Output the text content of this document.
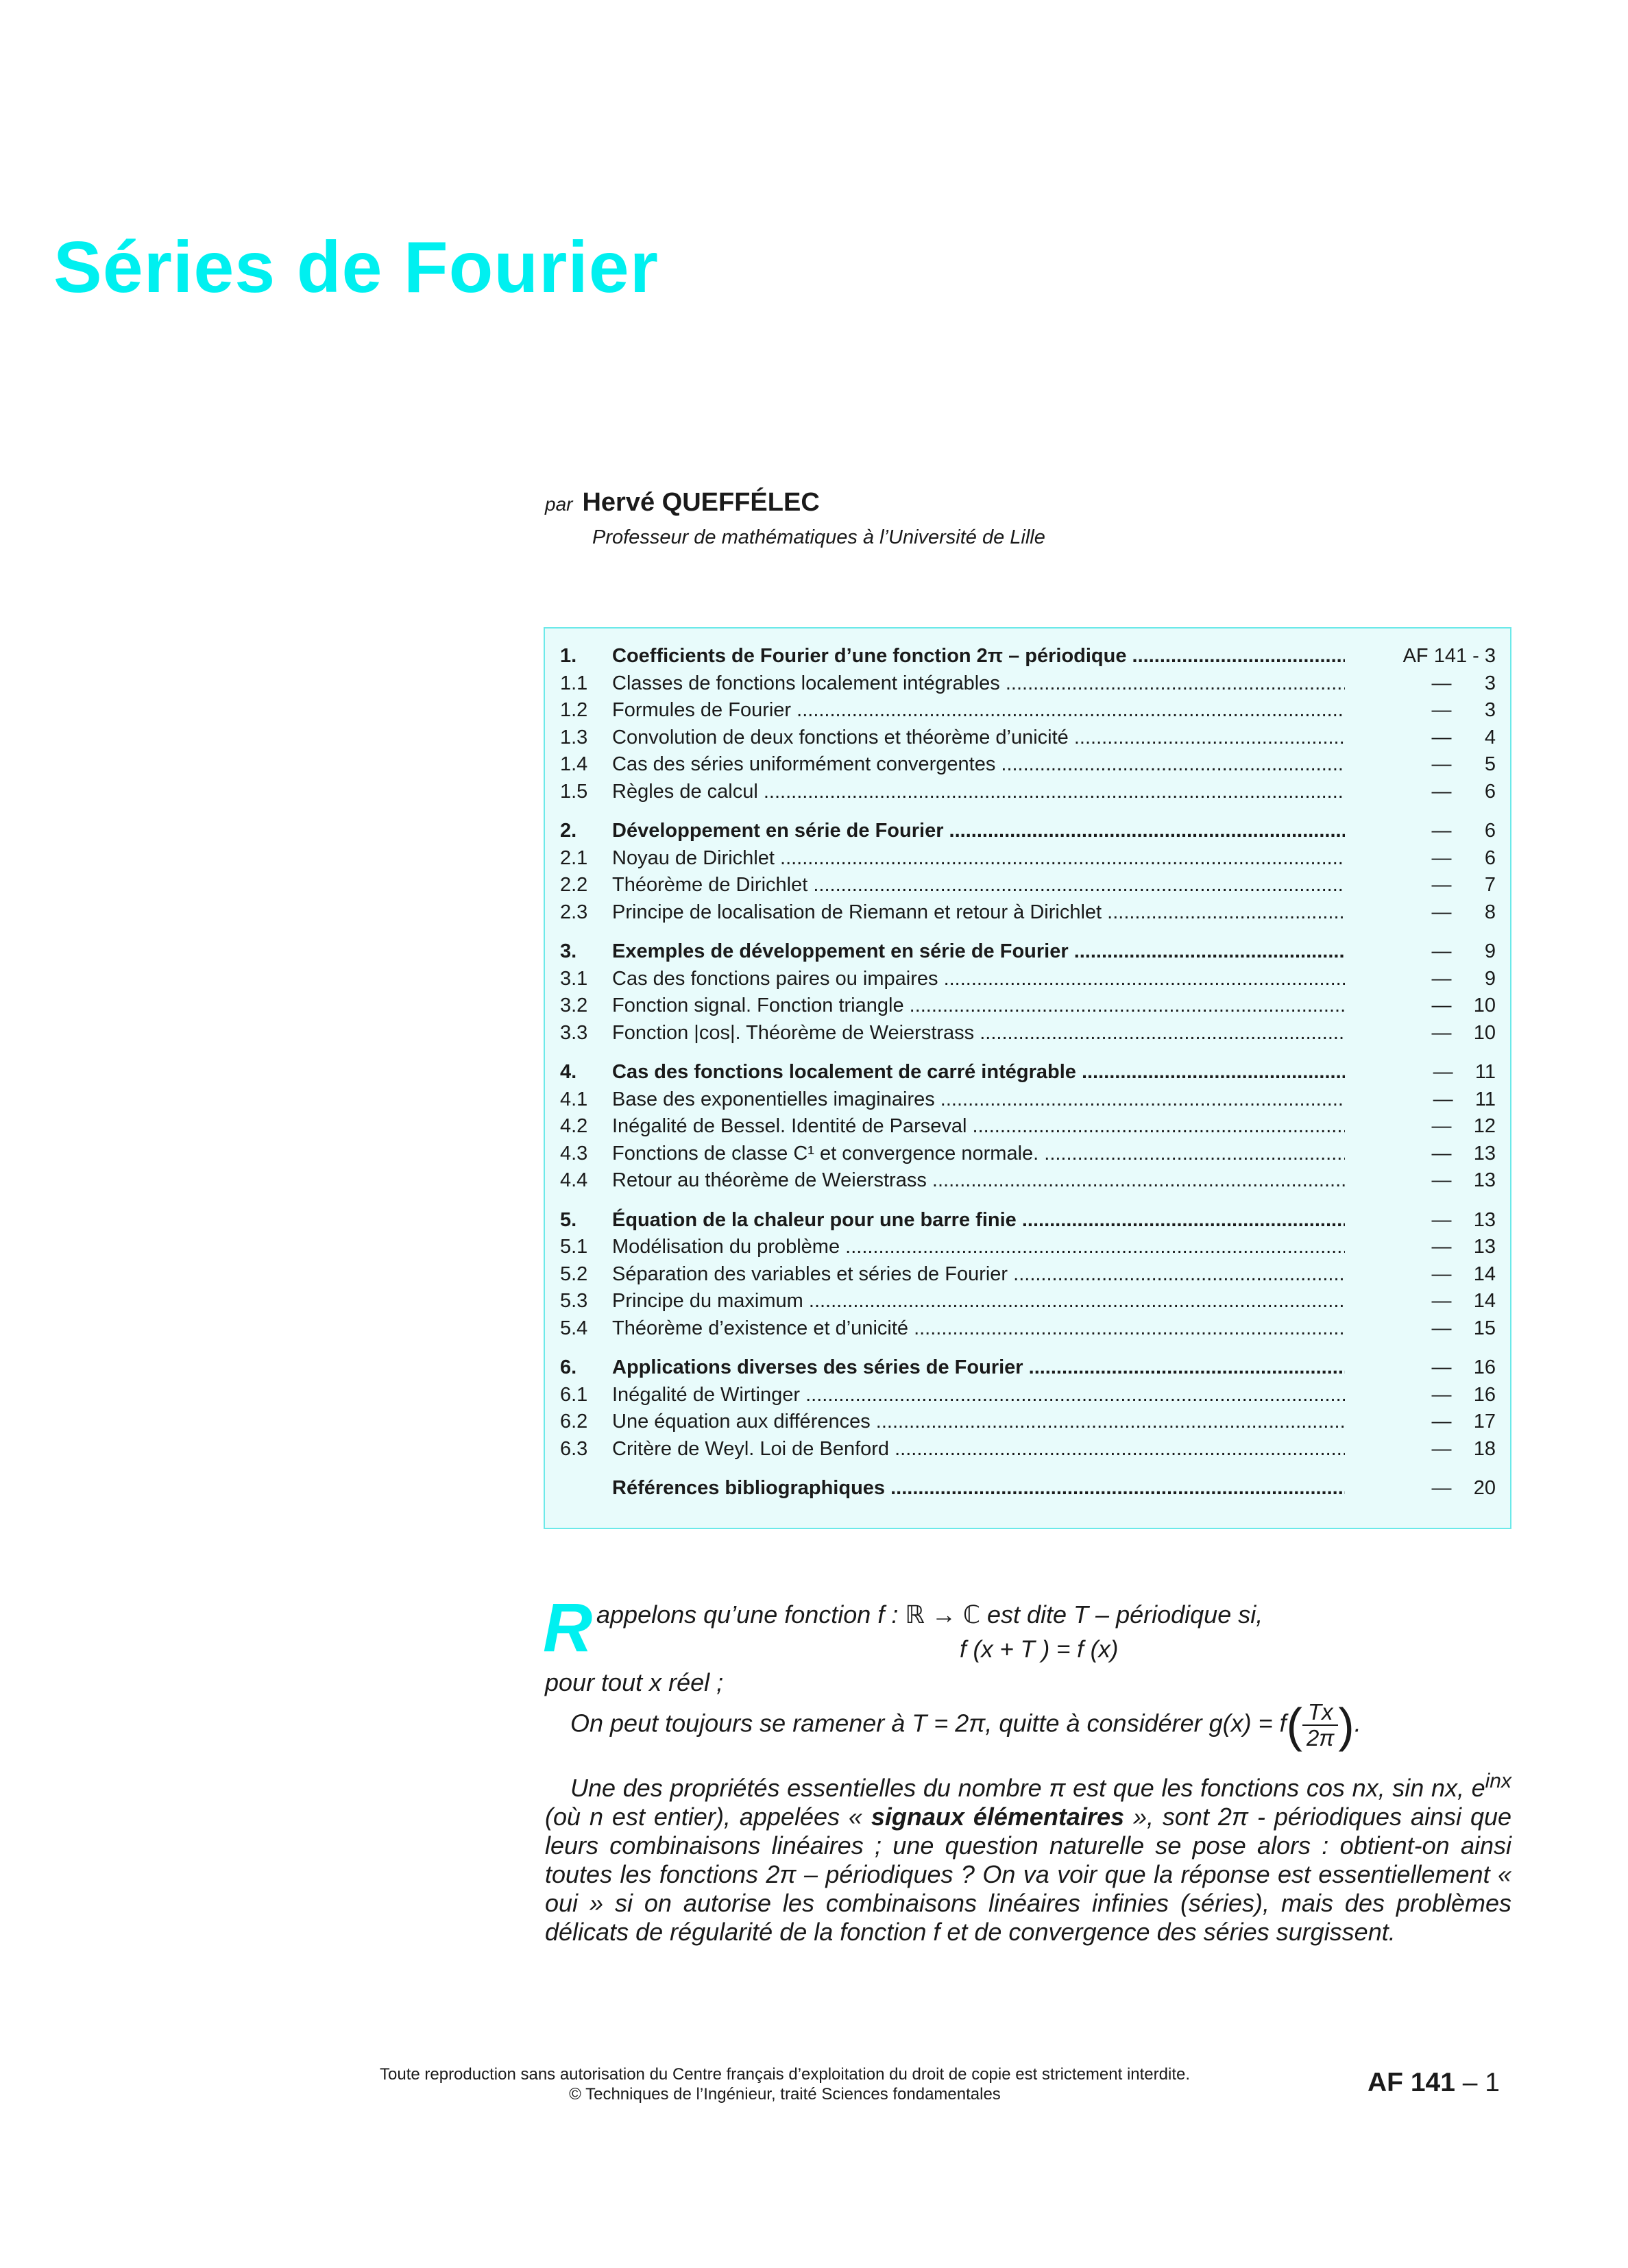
Séries de Fourier
par Hervé QUEFFÉLEC
Professeur de mathématiques à l’Université de Lille
1. Coefficients de Fourier d’une fonction 2π – périodique .....	AF 141 - 3
1.1 Classes de fonctions localement intégrables .....	—      3
1.2 Formules de Fourier .....	—      3
1.3 Convolution de deux fonctions et théorème d’unicité .....	—      4
1.4 Cas des séries uniformément convergentes .....	—      5
1.5 Règles de calcul .....	—      6
2. Développement en série de Fourier .....	—      6
2.1 Noyau de Dirichlet .....	—      6
2.2 Théorème de Dirichlet .....	—      7
2.3 Principe de localisation de Riemann et retour à Dirichlet .....	—      8
3. Exemples de développement en série de Fourier .....	—      9
3.1 Cas des fonctions paires ou impaires .....	—      9
3.2 Fonction signal. Fonction triangle .....	—    10
3.3 Fonction |cos|. Théorème de Weierstrass .....	—    10
4. Cas des fonctions localement de carré intégrable .....	—    11
4.1 Base des exponentielles imaginaires .....	—    11
4.2 Inégalité de Bessel. Identité de Parseval .....	—    12
4.3 Fonctions de classe C¹ et convergence normale. .....	—    13
4.4 Retour au théorème de Weierstrass .....	—    13
5. Équation de la chaleur pour une barre finie .....	—    13
5.1 Modélisation du problème .....	—    13
5.2 Séparation des variables et séries de Fourier .....	—    14
5.3 Principe du maximum .....	—    14
5.4 Théorème d’existence et d’unicité .....	—    15
6. Applications diverses des séries de Fourier .....	—    16
6.1 Inégalité de Wirtinger .....	—    16
6.2 Une équation aux différences .....	—    17
6.3 Critère de Weyl. Loi de Benford .....	—    18
Références bibliographiques .....	—    20
R appelons qu’une fonction f : ℝ → ℂ est dite T – périodique si,
f (x + T ) = f (x)
pour tout x réel ;
On peut toujours se ramener à T = 2π, quitte à considérer $g(x) = f( \frac{Tx}{2\pi}$ ).
Une des propriétés essentielles du nombre π est que les fonctions cos nx, sin nx, $e^{inx}$ (où n est entier), appelées « signaux élémentaires », sont 2π - périodiques ainsi que leurs combinaisons linéaires ; une question naturelle se pose alors : obtient-on ainsi toutes les fonctions 2π – périodiques ? On va voir que la réponse est essentiellement « oui » si on autorise les combinaisons linéaires infinies (séries), mais des problèmes délicats de régularité de la fonction f et de convergence des séries surgissent.
Toute reproduction sans autorisation du Centre français d’exploitation du droit de copie est strictement interdite.
© Techniques de l’Ingénieur, traité Sciences fondamentales	AF 141 – 1
